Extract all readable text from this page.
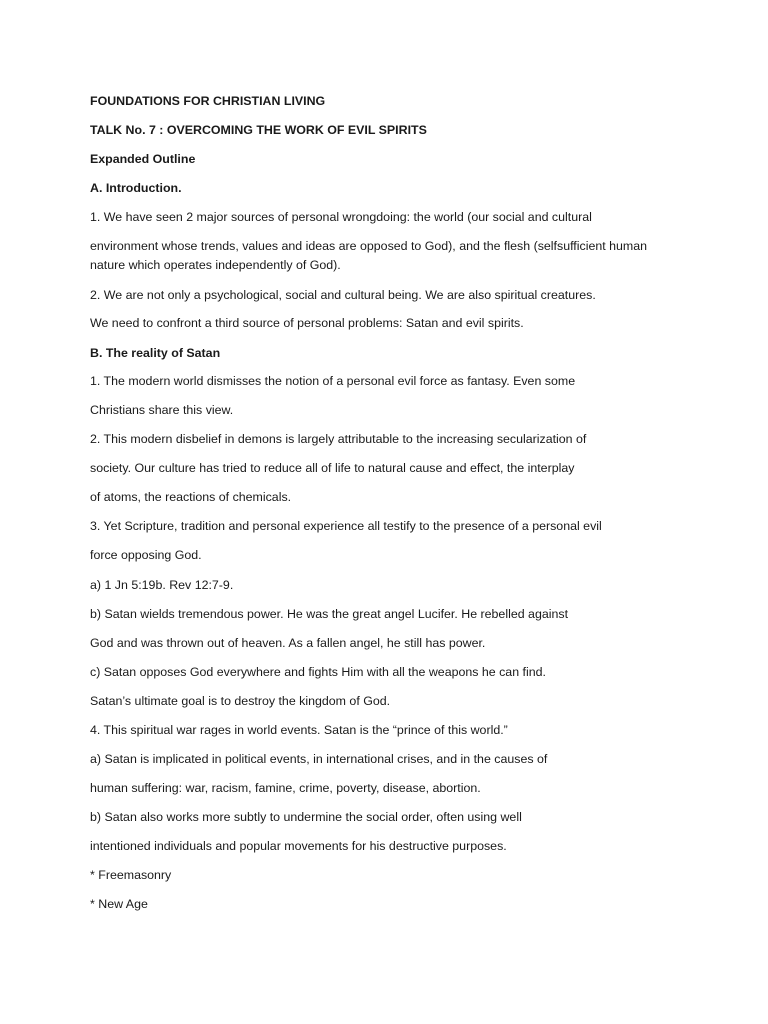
FOUNDATIONS FOR CHRISTIAN LIVING
TALK No. 7 : OVERCOMING THE WORK OF EVIL SPIRITS
Expanded Outline
A. Introduction.
1. We have seen 2 major sources of personal wrongdoing: the world (our social and cultural
environment whose trends, values and ideas are opposed to God), and the flesh (selfsufficient human
nature which operates independently of God).
2. We are not only a psychological, social and cultural being. We are also spiritual creatures.
We need to confront a third source of personal problems: Satan and evil spirits.
B. The reality of Satan
1. The modern world dismisses the notion of a personal evil force as fantasy. Even some
Christians share this view.
2. This modern disbelief in demons is largely attributable to the increasing secularization of
society. Our culture has tried to reduce all of life to natural cause and effect, the interplay
of atoms, the reactions of chemicals.
3. Yet Scripture, tradition and personal experience all testify to the presence of a personal evil
force opposing God.
a) 1 Jn 5:19b. Rev 12:7-9.
b) Satan wields tremendous power. He was the great angel Lucifer. He rebelled against
God and was thrown out of heaven. As a fallen angel, he still has power.
c) Satan opposes God everywhere and fights Him with all the weapons he can find.
Satan’s ultimate goal is to destroy the kingdom of God.
4. This spiritual war rages in world events. Satan is the “prince of this world.”
a) Satan is implicated in political events, in international crises, and in the causes of
human suffering: war, racism, famine, crime, poverty, disease, abortion.
b) Satan also works more subtly to undermine the social order, often using well
intentioned individuals and popular movements for his destructive purposes.
* Freemasonry
* New Age
